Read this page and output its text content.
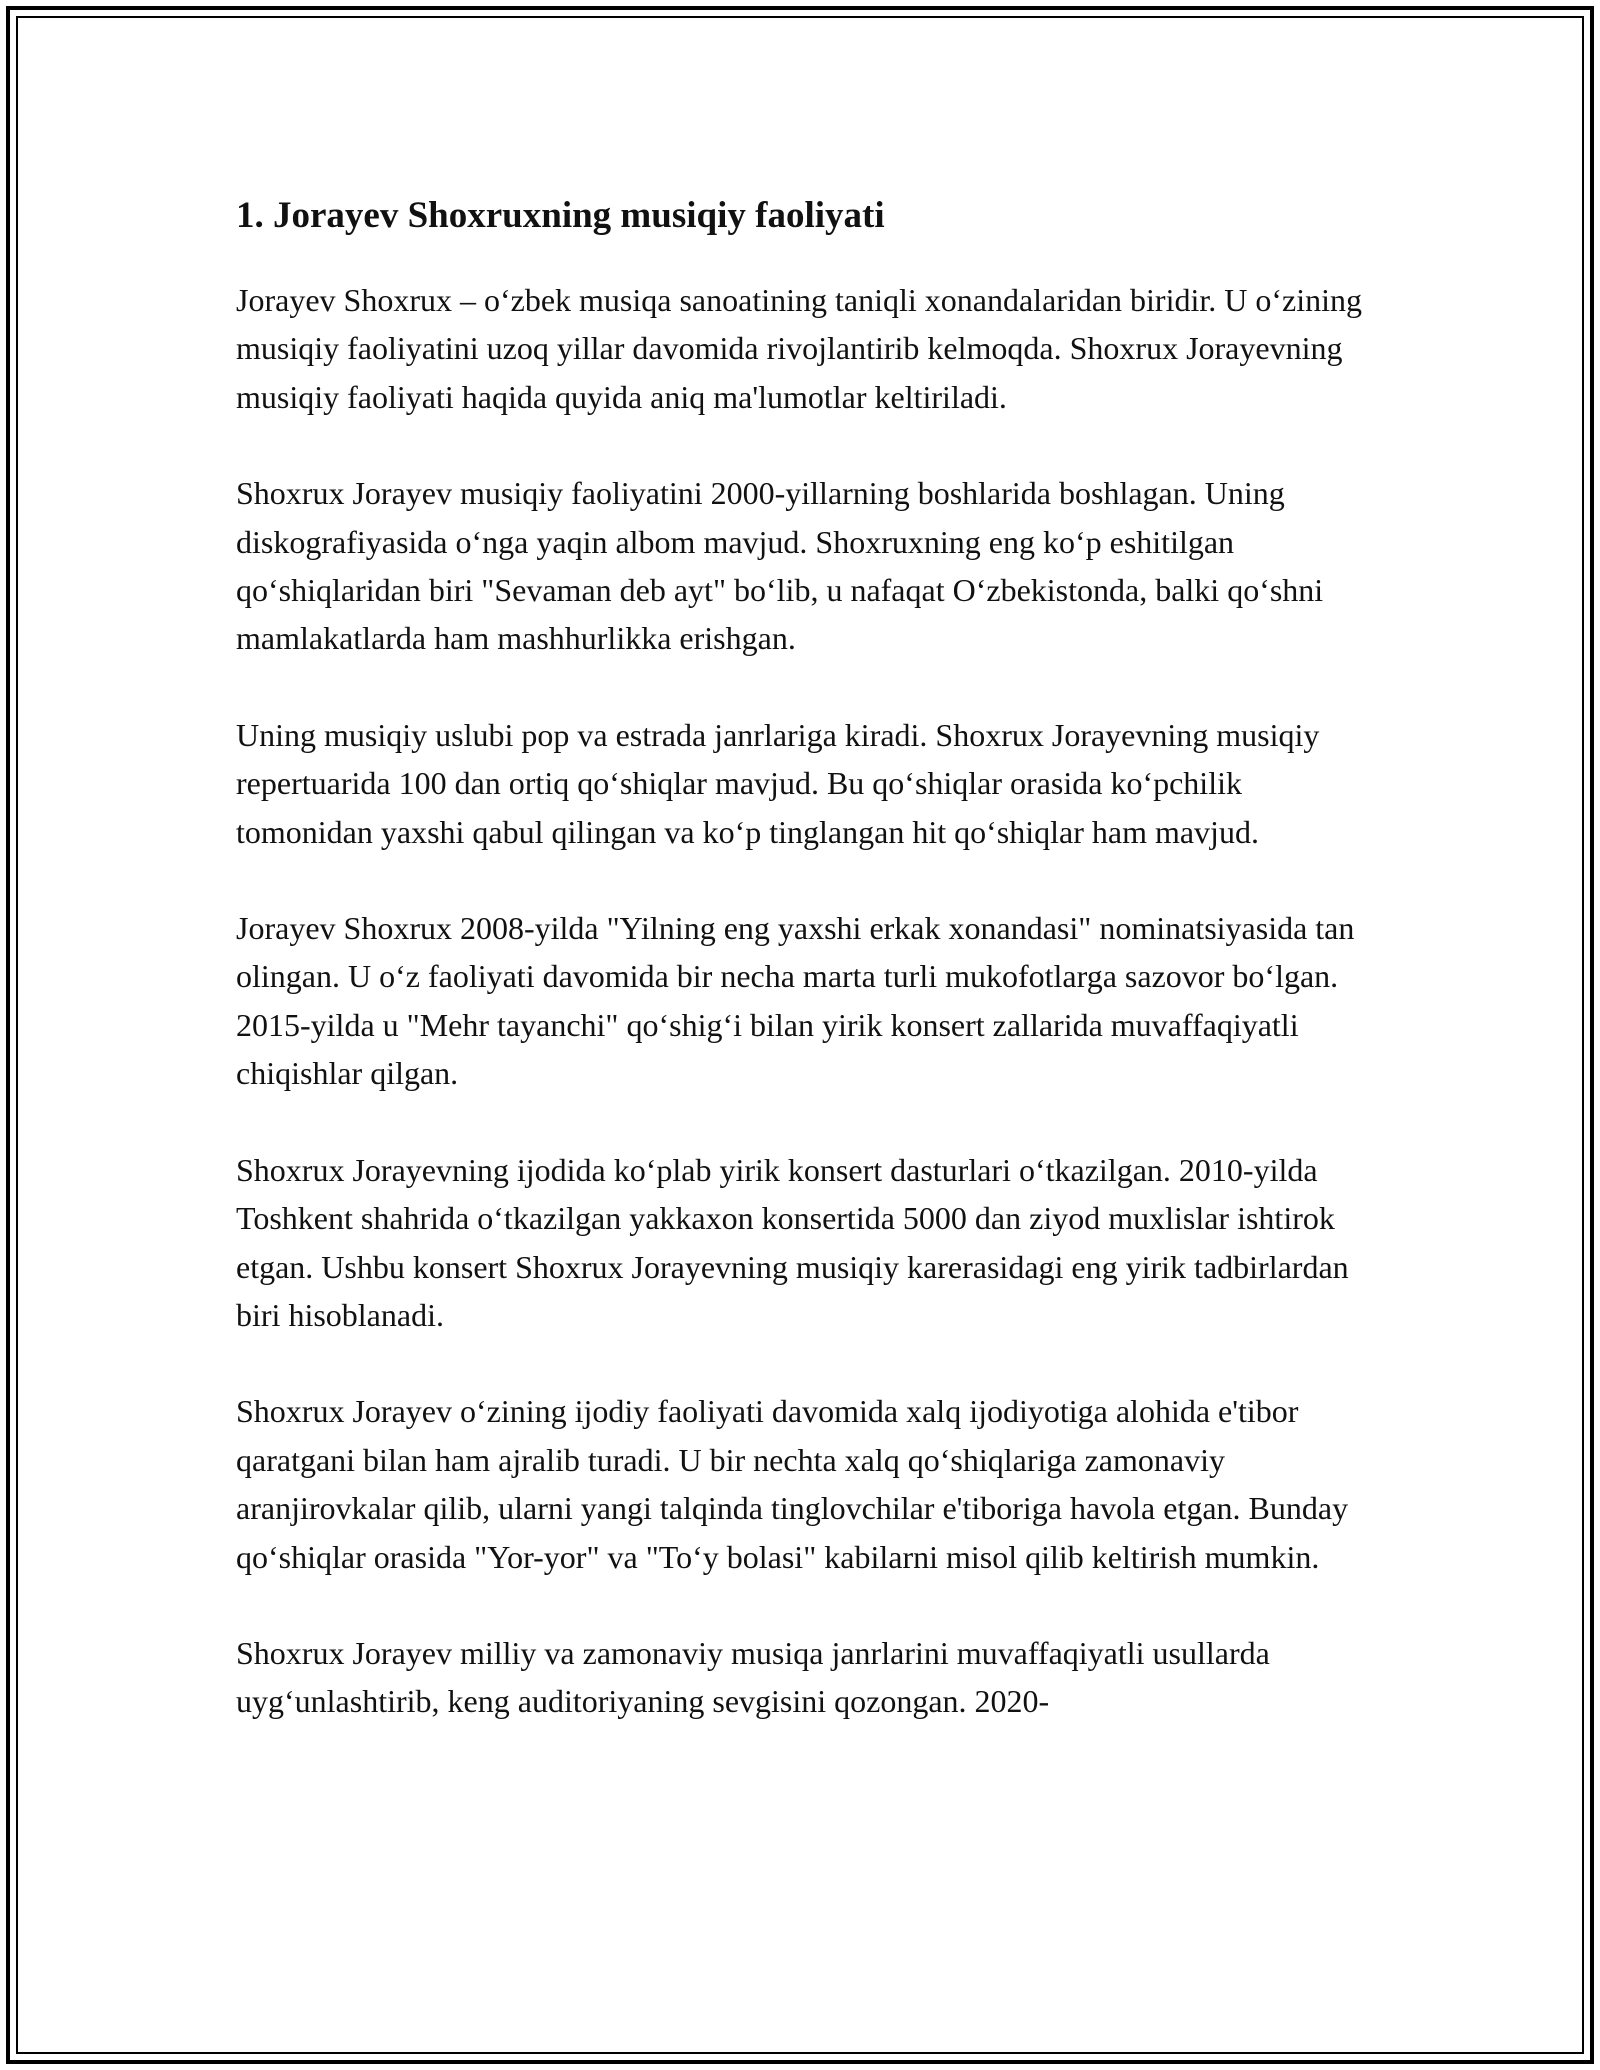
1. Jorayev Shoxruxning musiqiy faoliyati

Jorayev Shoxrux – o‘zbek musiqa sanoatining taniqli xonandalaridan biridir. U o‘zining musiqiy faoliyatini uzoq yillar davomida rivojlantirib kelmoqda. Shoxrux Jorayevning musiqiy faoliyati haqida quyida aniq ma'lumotlar keltiriladi.

Shoxrux Jorayev musiqiy faoliyatini 2000-yillarning boshlarida boshlagan. Uning diskografiyasida o‘nga yaqin albom mavjud. Shoxruxning eng ko‘p eshitilgan qo‘shiqlaridan biri "Sevaman deb ayt" bo‘lib, u nafaqat O‘zbekistonda, balki qo‘shni mamlakatlarda ham mashhurlikka erishgan.

Uning musiqiy uslubi pop va estrada janrlariga kiradi. Shoxrux Jorayevning musiqiy repertuarida 100 dan ortiq qo‘shiqlar mavjud. Bu qo‘shiqlar orasida ko‘pchilik tomonidan yaxshi qabul qilingan va ko‘p tinglangan hit qo‘shiqlar ham mavjud.

Jorayev Shoxrux 2008-yilda "Yilning eng yaxshi erkak xonandasi" nominatsiyasida tan olingan. U o‘z faoliyati davomida bir necha marta turli mukofotlarga sazovor bo‘lgan. 2015-yilda u "Mehr tayanchi" qo‘shig‘i bilan yirik konsert zallarida muvaffaqiyatli chiqishlar qilgan.

Shoxrux Jorayevning ijodida ko‘plab yirik konsert dasturlari o‘tkazilgan. 2010-yilda Toshkent shahrida o‘tkazilgan yakkaxon konsertida 5000 dan ziyod muxlislar ishtirok etgan. Ushbu konsert Shoxrux Jorayevning musiqiy karerasidagi eng yirik tadbirlardan biri hisoblanadi.

Shoxrux Jorayev o‘zining ijodiy faoliyati davomida xalq ijodiyotiga alohida e'tibor qaratgani bilan ham ajralib turadi. U bir nechta xalq qo‘shiqlariga zamonaviy aranjirovkalar qilib, ularni yangi talqinda tinglovchilar e'tiboriga havola etgan. Bunday qo‘shiqlar orasida "Yor-yor" va "To‘y bolasi" kabilarni misol qilib keltirish mumkin.

Shoxrux Jorayev milliy va zamonaviy musiqa janrlarini muvaffaqiyatli usullarda uyg‘unlashtirib, keng auditoriyaning sevgisini qozongan. 2020-
